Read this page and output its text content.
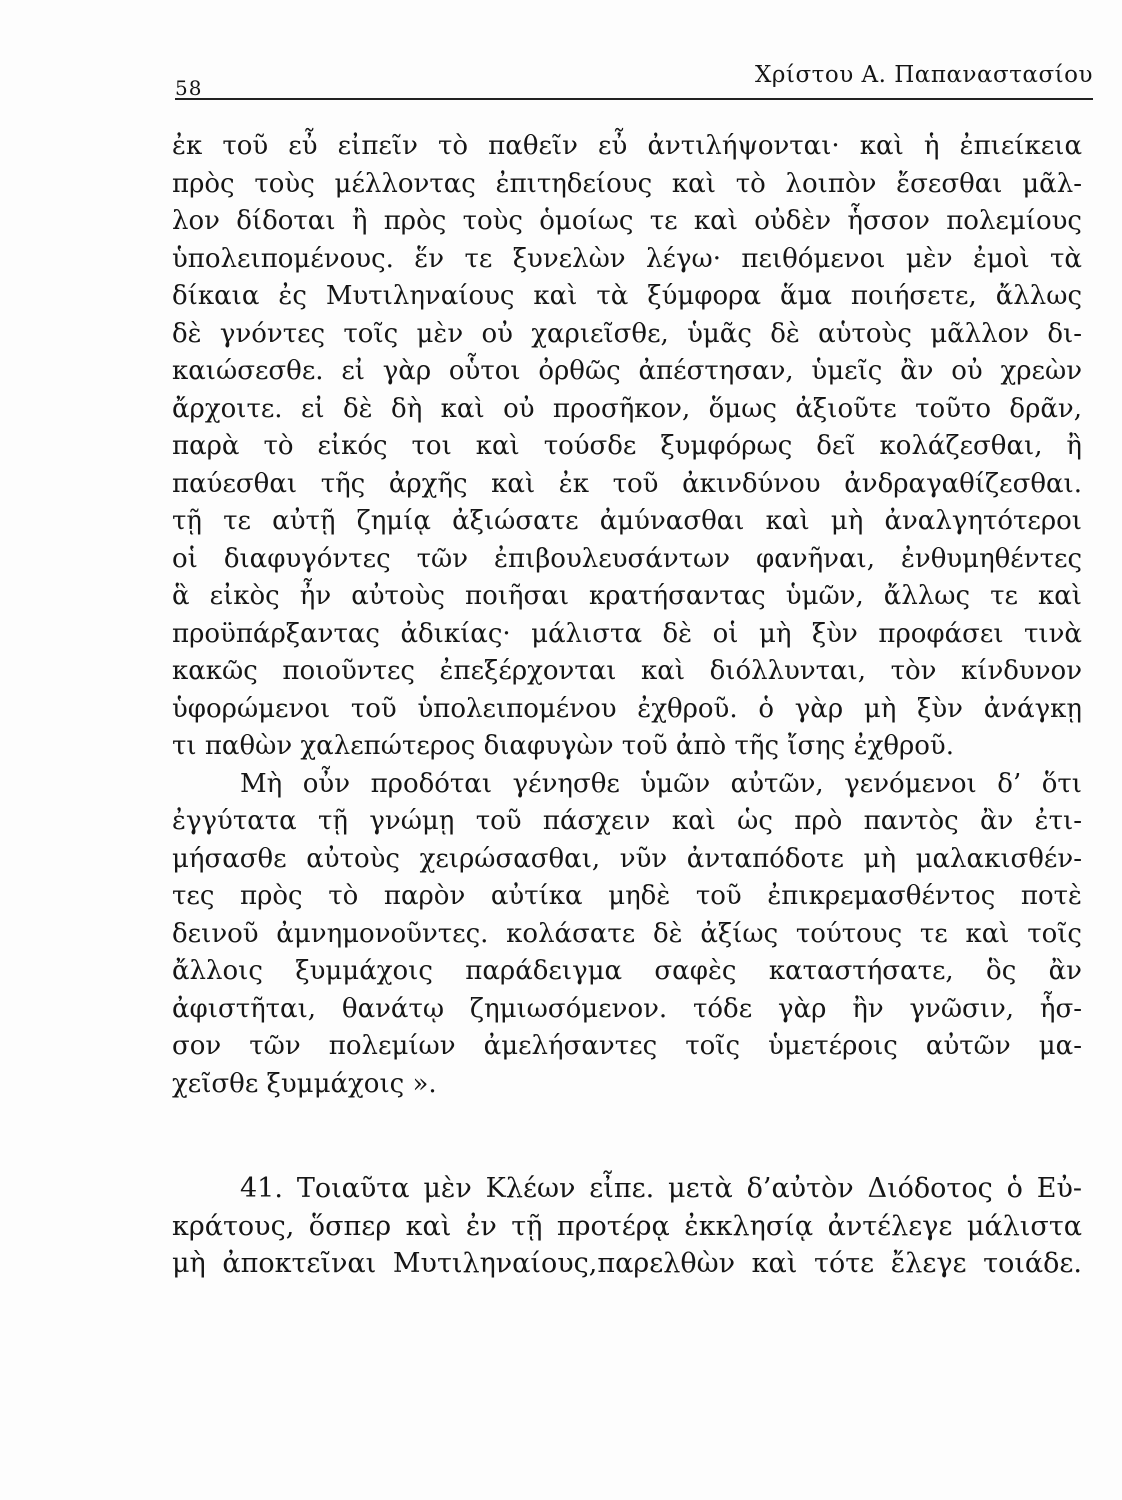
58	Χρίστου Α. Παπαναστασίου
ἐκ τοῦ εὖ εἰπεῖν τὸ παθεῖν εὖ ἀντιλήψονται· καὶ ἡ ἐπιείκεια
πρὸς τοὺς μέλλοντας ἐπιτηδείους καὶ τὸ λοιπὸν ἔσεσθαι μᾶλ-
λον δίδοται ἢ πρὸς τοὺς ὁμοίως τε καὶ οὐδὲν ἧσσον πολεμίους
ὑπολειπομένους. ἕν τε ξυνελὼν λέγω· πειθόμενοι μὲν ἐμοὶ τὰ
δίκαια ἐς Μυτιληναίους καὶ τὰ ξύμφορα ἅμα ποιήσετε, ἄλλως
δὲ γνόντες τοῖς μὲν οὐ χαριεῖσθε, ὑμᾶς δὲ αὑτοὺς μᾶλλον δι-
καιώσεσθε. εἰ γὰρ οὗτοι ὀρθῶς ἀπέστησαν, ὑμεῖς ἂν οὐ χρεὼν
ἄρχοιτε. εἰ δὲ δὴ καὶ οὐ προσῆκον, ὅμως ἀξιοῦτε τοῦτο δρᾶν,
παρὰ τὸ εἰκός τοι καὶ τούσδε ξυμφόρως δεῖ κολάζεσθαι, ἢ
παύεσθαι τῆς ἀρχῆς καὶ ἐκ τοῦ ἀκινδύνου ἀνδραγαθίζεσθαι.
τῇ τε αὐτῇ ζημίᾳ ἀξιώσατε ἀμύνασθαι καὶ μὴ ἀναλγητότεροι
οἱ διαφυγόντες τῶν ἐπιβουλευσάντων φανῆναι, ἐνθυμηθέντες
ἃ εἰκὸς ἦν αὐτοὺς ποιῆσαι κρατήσαντας ὑμῶν, ἄλλως τε καὶ
προϋπάρξαντας ἀδικίας· μάλιστα δὲ οἱ μὴ ξὺν προφάσει τινὰ
κακῶς ποιοῦντες ἐπεξέρχονται καὶ διόλλυνται, τὸν κίνδυνον
ὑφορώμενοι τοῦ ὑπολειπομένου ἐχθροῦ. ὁ γὰρ μὴ ξὺν ἀνάγκῃ
τι παθὼν χαλεπώτερος διαφυγὼν τοῦ ἀπὸ τῆς ἴσης ἐχθροῦ.
Μὴ οὖν προδόται γένησθε ὑμῶν αὐτῶν, γενόμενοι δ’ ὅτι
ἐγγύτατα τῇ γνώμῃ τοῦ πάσχειν καὶ ὡς πρὸ παντὸς ἂν ἐτι-
μήσασθε αὐτοὺς χειρώσασθαι, νῦν ἀνταπόδοτε μὴ μαλακισθέν-
τες πρὸς τὸ παρὸν αὐτίκα μηδὲ τοῦ ἐπικρεμασθέντος ποτὲ
δεινοῦ ἀμνημονοῦντες. κολάσατε δὲ ἀξίως τούτους τε καὶ τοῖς
ἄλλοις ξυμμάχοις παράδειγμα σαφὲς καταστήσατε, ὃς ἂν
ἀφιστῆται, θανάτῳ ζημιωσόμενον. τόδε γὰρ ἢν γνῶσιν, ἧσ-
σον τῶν πολεμίων ἀμελήσαντες τοῖς ὑμετέροις αὐτῶν μα-
χεῖσθε ξυμμάχοις ».
41. Τοιαῦτα μὲν Κλέων εἶπε. μετὰ δ’αὐτὸν Διόδοτος ὁ Εὐ-
κράτους, ὅσπερ καὶ ἐν τῇ προτέρᾳ ἐκκλησίᾳ ἀντέλεγε μάλιστα
μὴ ἀποκτεῖναι Μυτιληναίους,παρελθὼν καὶ τότε ἔλεγε τοιάδε.
